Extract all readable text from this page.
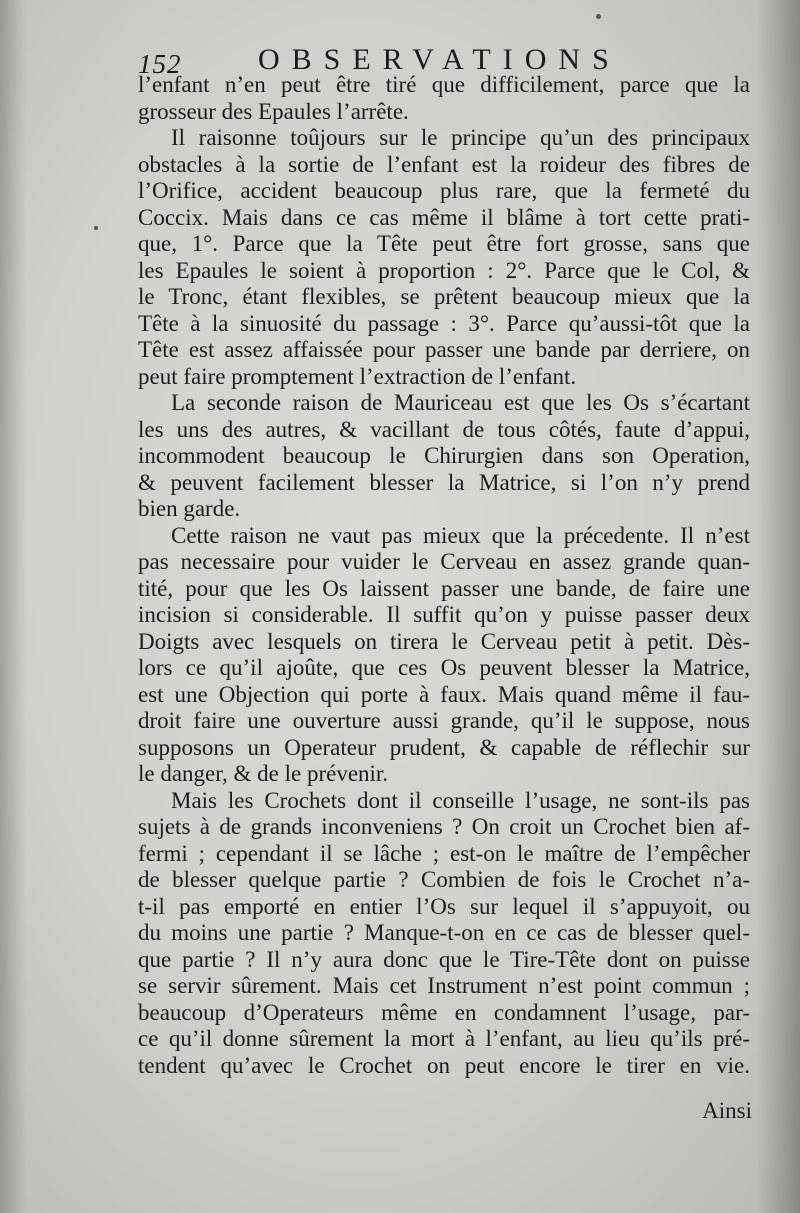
152	OBSERVATIONS
l’enfant n’en peut être tiré que difficilement, parce que la
grosseur des Epaules l’arrête.
Il raisonne toûjours sur le principe qu’un des principaux
obstacles à la sortie de l’enfant est la roideur des fibres de
l’Orifice, accident beaucoup plus rare, que la fermeté du
Coccix. Mais dans ce cas même il blâme à tort cette prati-
que, 1°. Parce que la Tête peut être fort grosse, sans que
les Epaules le soient à proportion : 2°. Parce que le Col, &
le Tronc, étant flexibles, se prêtent beaucoup mieux que la
Tête à la sinuosité du passage : 3°. Parce qu’aussi-tôt que la
Tête est assez affaissée pour passer une bande par derriere, on
peut faire promptement l’extraction de l’enfant.
La seconde raison de Mauriceau est que les Os s’écartant
les uns des autres, & vacillant de tous côtés, faute d’appui,
incommodent beaucoup le Chirurgien dans son Operation,
& peuvent facilement blesser la Matrice, si l’on n’y prend
bien garde.
Cette raison ne vaut pas mieux que la précedente. Il n’est
pas necessaire pour vuider le Cerveau en assez grande quan-
tité, pour que les Os laissent passer une bande, de faire une
incision si considerable. Il suffit qu’on y puisse passer deux
Doigts avec lesquels on tirera le Cerveau petit à petit. Dès-
lors ce qu’il ajoûte, que ces Os peuvent blesser la Matrice,
est une Objection qui porte à faux. Mais quand même il fau-
droit faire une ouverture aussi grande, qu’il le suppose, nous
supposons un Operateur prudent, & capable de réflechir sur
le danger, & de le prévenir.
Mais les Crochets dont il conseille l’usage, ne sont-ils pas
sujets à de grands inconveniens ? On croit un Crochet bien af-
fermi ; cependant il se lâche ; est-on le maître de l’empêcher
de blesser quelque partie ? Combien de fois le Crochet n’a-
t-il pas emporté en entier l’Os sur lequel il s’appuyoit, ou
du moins une partie ? Manque-t-on en ce cas de blesser quel-
que partie ? Il n’y aura donc que le Tire-Tête dont on puisse
se servir sûrement. Mais cet Instrument n’est point commun ;
beaucoup d’Operateurs même en condamnent l’usage, par-
ce qu’il donne sûrement la mort à l’enfant, au lieu qu’ils pré-
tendent qu’avec le Crochet on peut encore le tirer en vie.
Ainsi
